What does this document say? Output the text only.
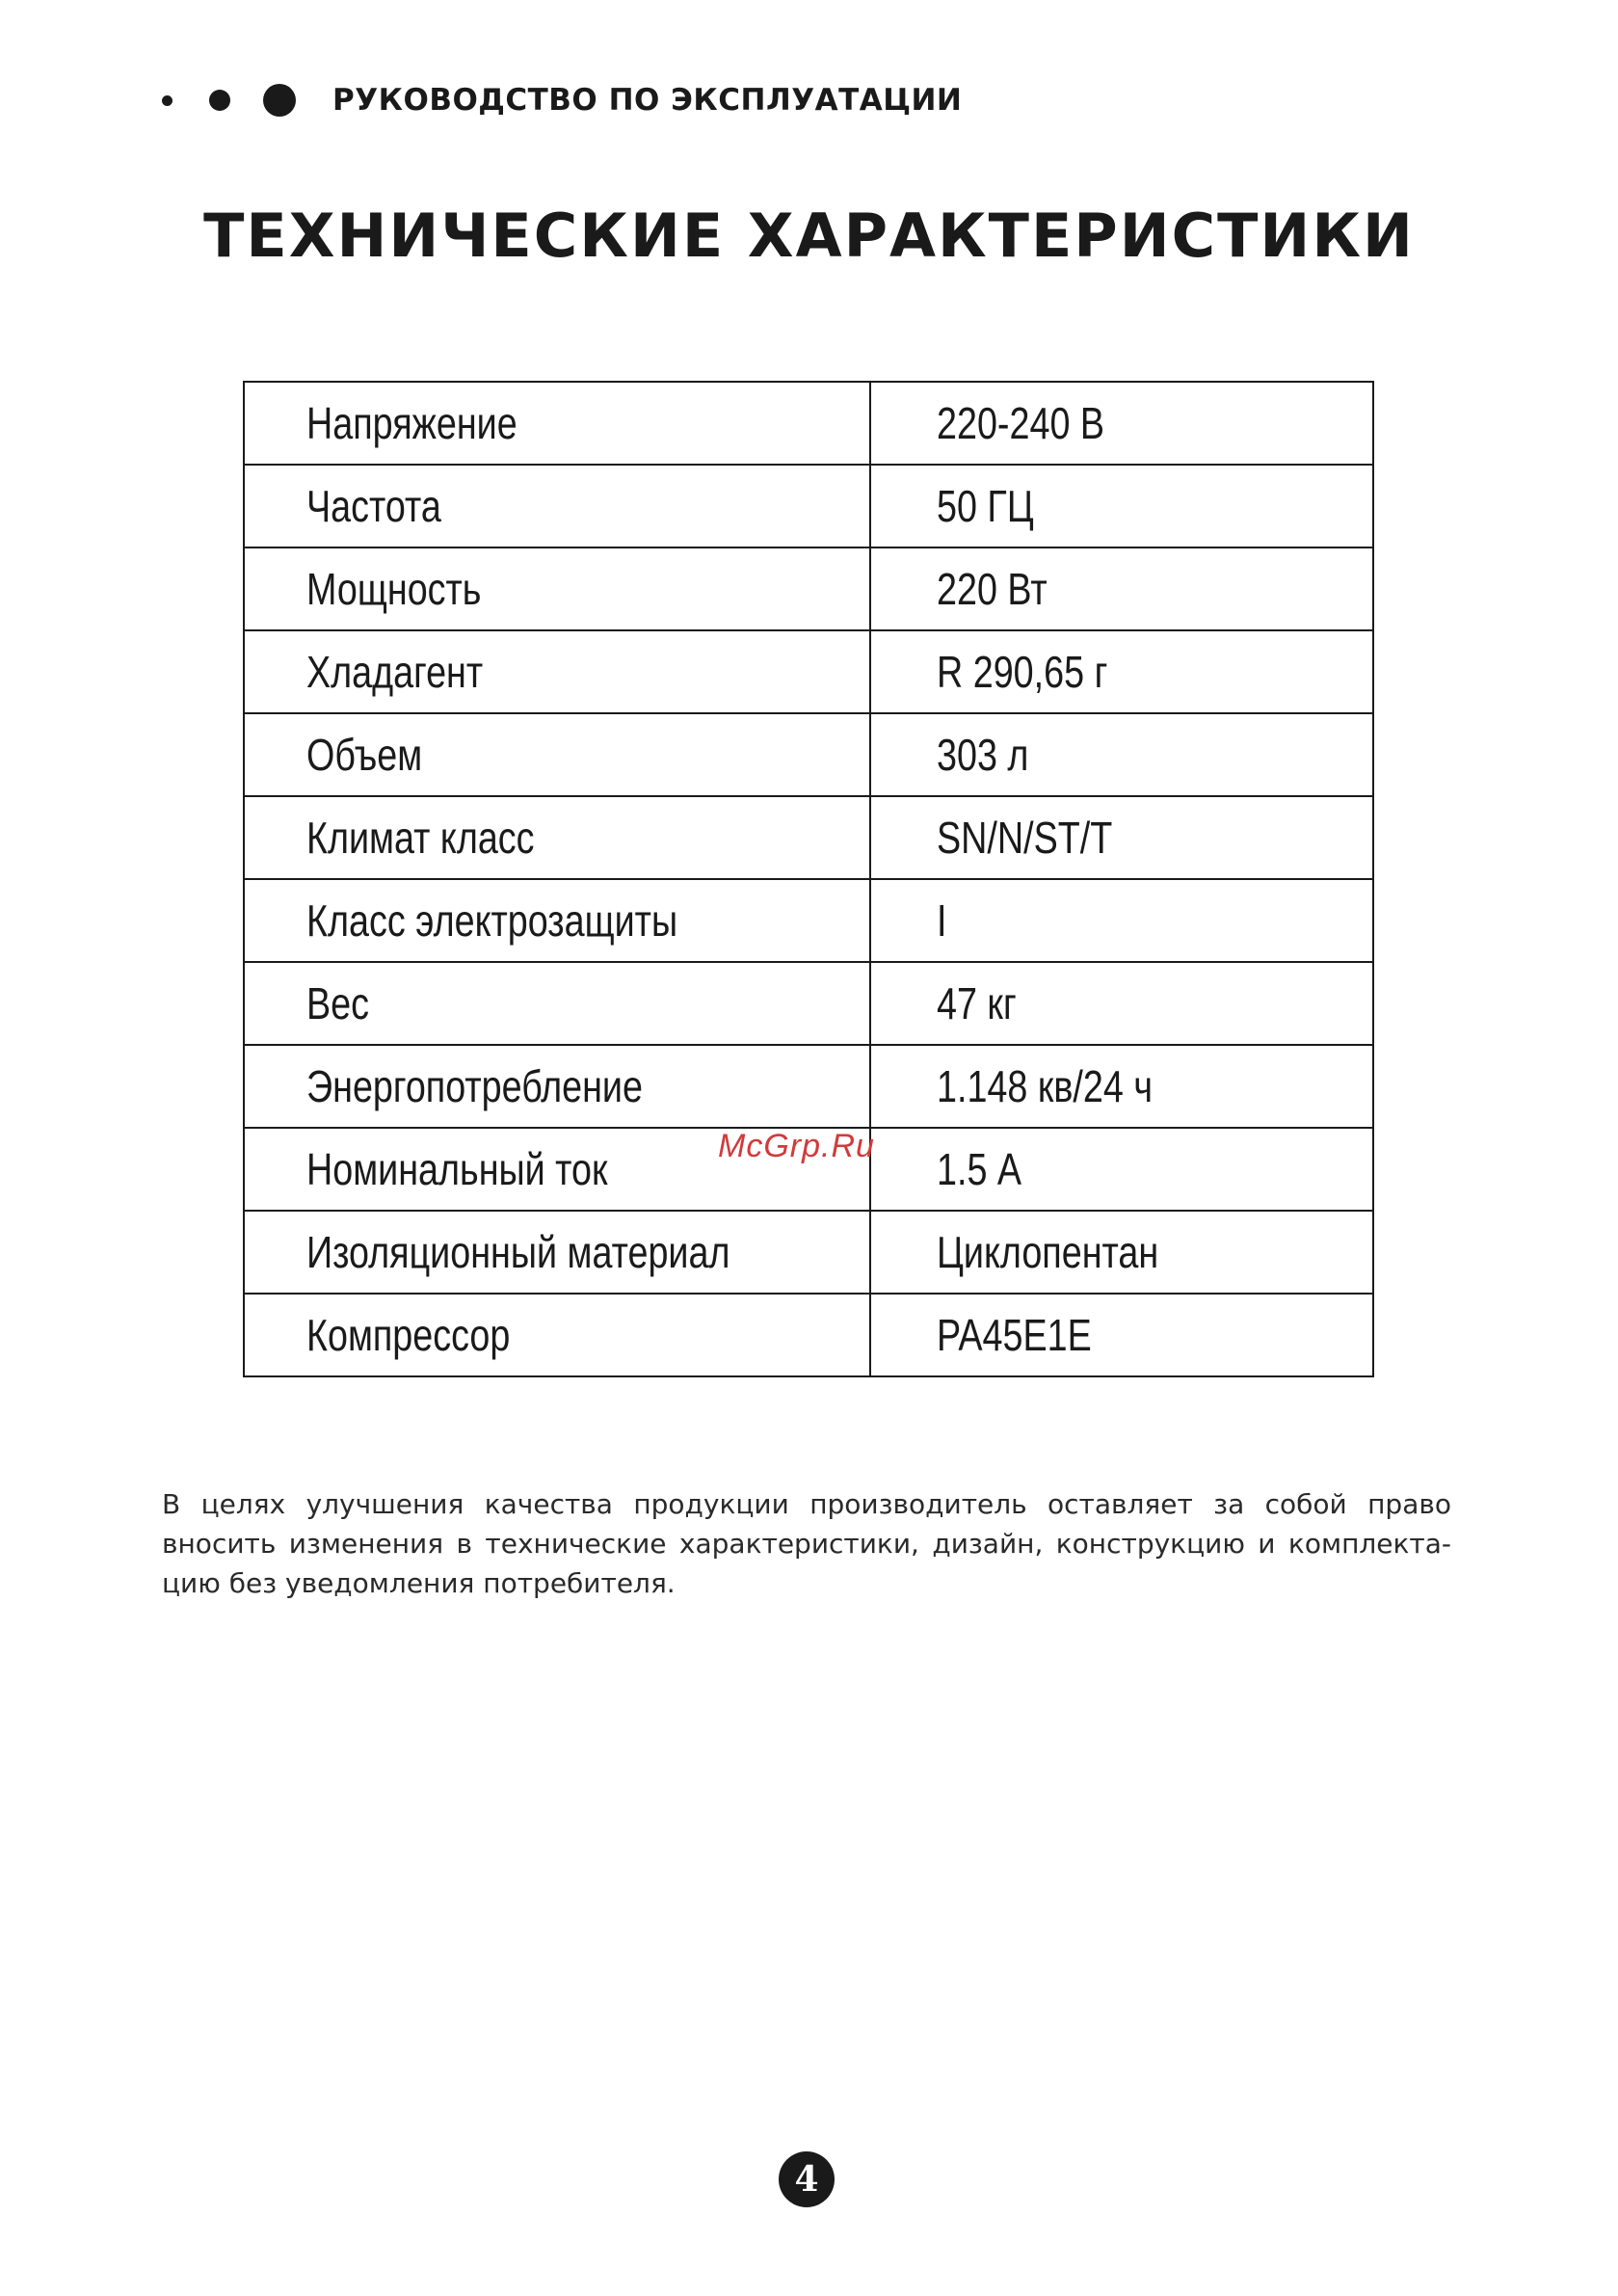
РУКОВОДСТВО ПО ЭКСПЛУАТАЦИИ
ТЕХНИЧЕСКИЕ ХАРАКТЕРИСТИКИ
Напряжение	220-240 В
Частота	50 ГЦ
Мощность	220 Вт
Хладагент	R 290,65 г
Объем	303 л
Климат класс	SN/N/ST/T
Класс электрозащиты	I
Вес	47 кг
Энергопотребление	1.148 кв/24 ч
Номинальный ток	1.5 А
Изоляционный материал	Циклопентан
Компрессор	PA45E1E
McGrp.Ru
В целях улучшения качества продукции производитель оставляет за собой право вносить изменения в технические характеристики, дизайн, конструкцию и комплекта-цию без уведомления потребителя.
4
